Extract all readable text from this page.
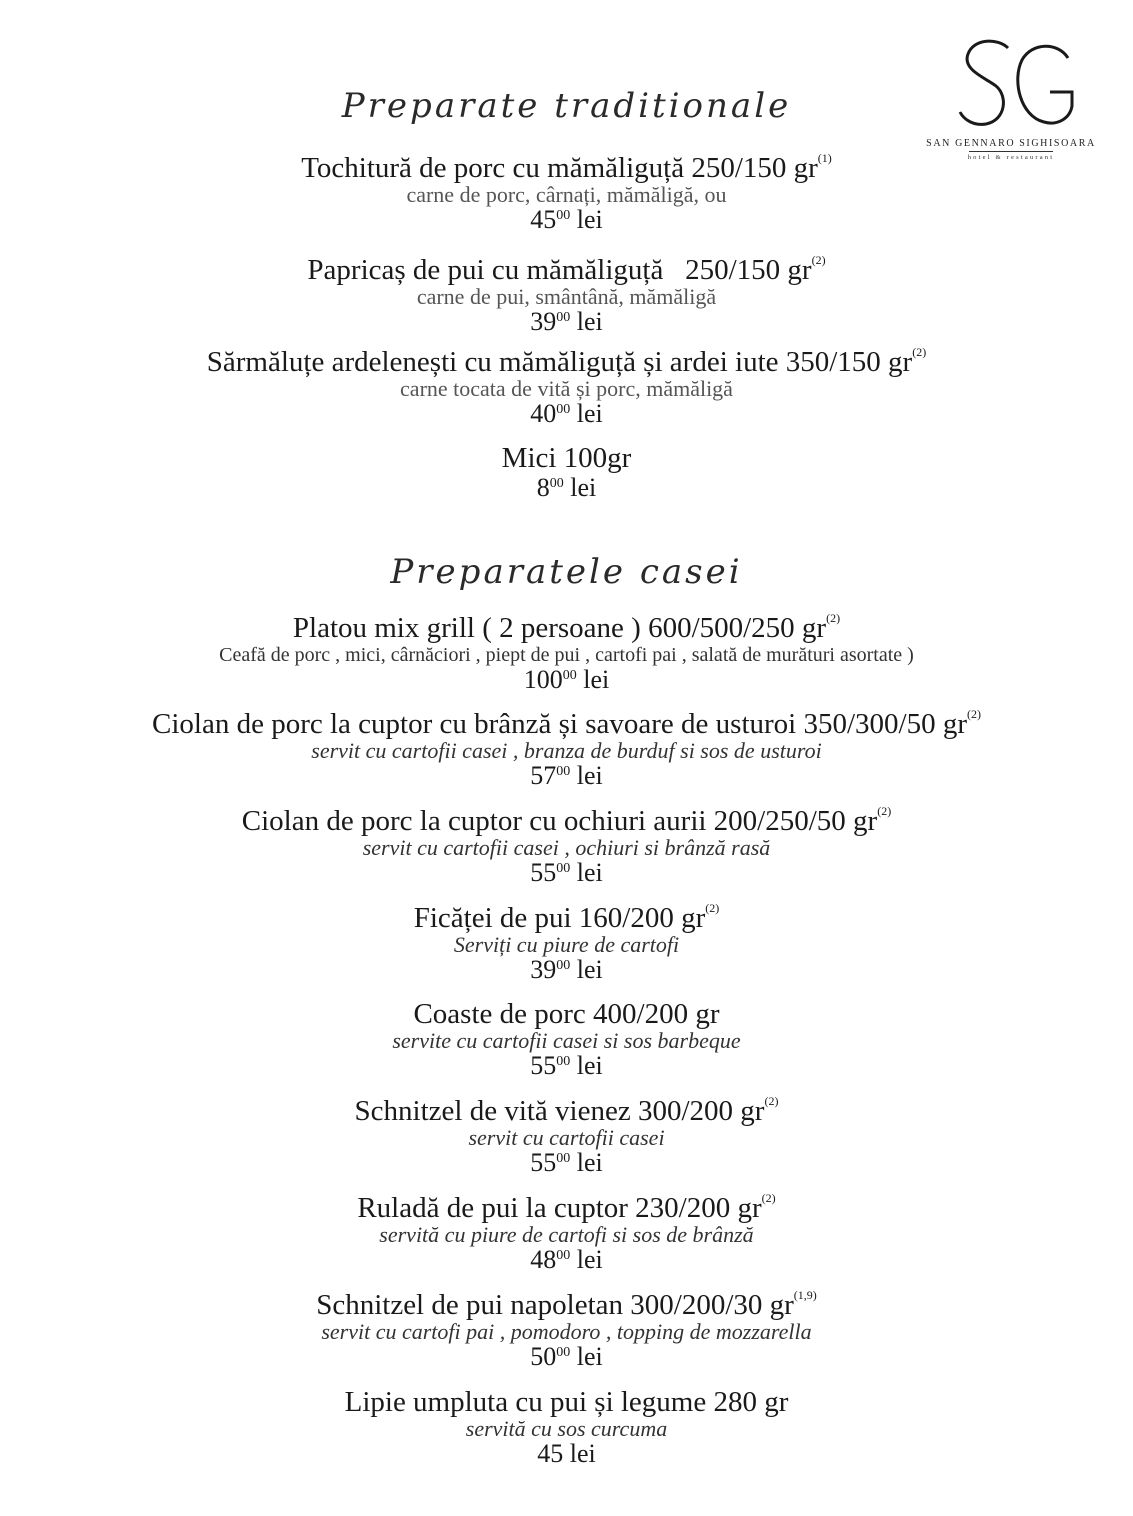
SAN GENNARO SIGHISOARA
hotel & restaurant
Preparate traditionale
Tochitură de porc cu mămăliguță 250/150 $gr^{(1)}$
carne de porc, cârnați, mămăligă, ou
$45^{00}$ lei
Papricaș de pui cu mămăliguță   250/150 $gr^{(2)}$
carne de pui, smântână, mămăligă
$39^{00}$ lei
Sărmăluțe ardelenești cu mămăliguță și ardei iute 350/150 $gr^{(2)}$
carne tocata de vită și porc, mămăligă
$40^{00}$ lei
Mici 100gr
$8^{00}$ lei
Preparatele casei
Platou mix grill ( 2 persoane ) 600/500/250 $gr^{(2)}$
Ceafă de porc , mici, cârnăciori , piept de pui , cartofi pai , salată de murături asortate )
$100^{00}$ lei
Ciolan de porc la cuptor cu brânză și savoare de usturoi 350/300/50 $gr^{(2)}$
servit cu cartofii casei , branza de burduf si sos de usturoi
$57^{00}$ lei
Ciolan de porc la cuptor cu ochiuri aurii 200/250/50 $gr^{(2)}$
servit cu cartofii casei , ochiuri si brânză rasă
$55^{00}$ lei
Ficăței de pui 160/200 $gr^{(2)}$
Serviți cu piure de cartofi
$39^{00}$ lei
Coaste de porc 400/200 gr
servite cu cartofii casei si sos barbeque
$55^{00}$ lei
Schnitzel de vită vienez 300/200 $gr^{(2)}$
servit cu cartofii casei
$55^{00}$ lei
Ruladă de pui la cuptor 230/200 $gr^{(2)}$
servită cu piure de cartofi si sos de brânză
$48^{00}$ lei
Schnitzel de pui napoletan 300/200/30 gr$^{(1,9)}$
servit cu cartofi pai , pomodoro , topping de mozzarella
$50^{00}$ lei
Lipie umpluta cu pui și legume 280 gr
servită cu sos curcuma
45 lei
